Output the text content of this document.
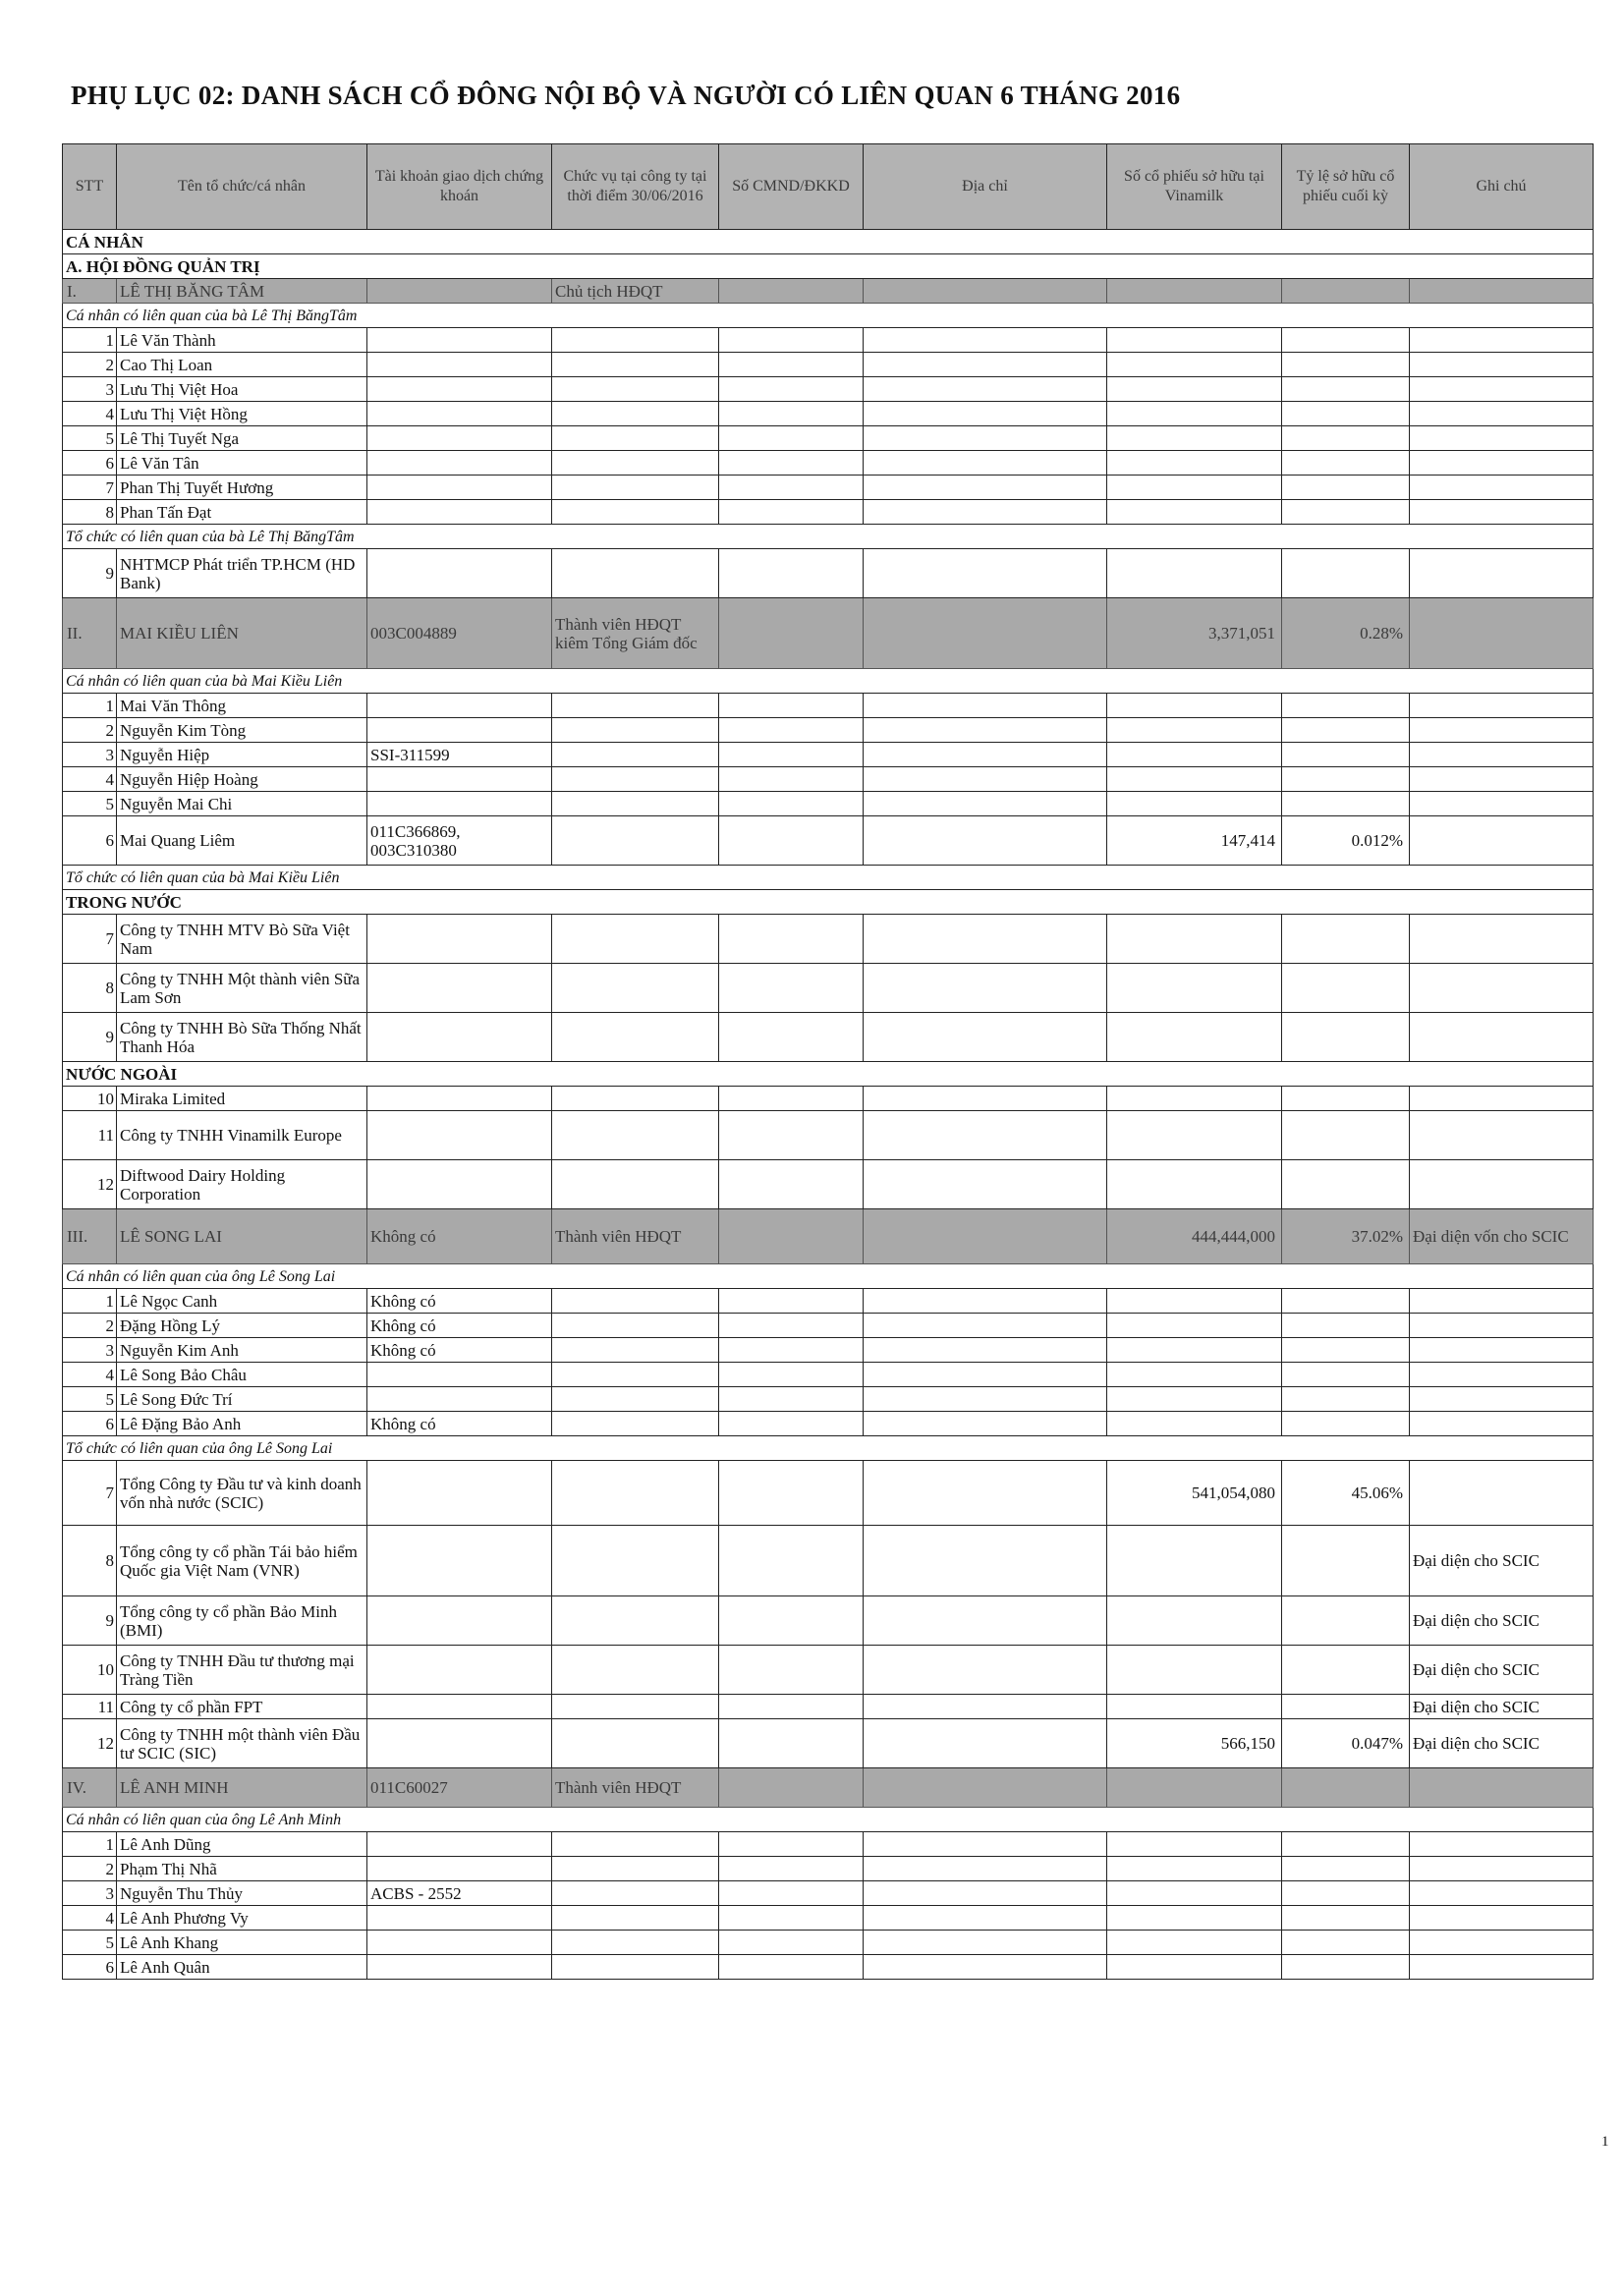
PHỤ LỤC 02: DANH SÁCH CỔ ĐÔNG NỘI BỘ VÀ NGƯỜI CÓ LIÊN QUAN 6 THÁNG 2016
STT	Tên tổ chức/cá nhân	Tài khoản giao dịch chứng khoán	Chức vụ tại công ty tại thời điểm 30/06/2016	Số CMND/ĐKKD	Địa chỉ	Số cổ phiếu sở hữu tại Vinamilk	Tỷ lệ sở hữu cổ phiếu cuối kỳ	Ghi chú
CÁ NHÂN								
A. HỘI ĐỒNG QUẢN TRỊ								
I.	LÊ THỊ BĂNG TÂM		Chủ tịch HĐQT					
Cá nhân có liên quan của bà Lê Thị BăngTâm								
1	Lê Văn Thành							
2	Cao Thị Loan							
3	Lưu Thị Việt Hoa							
4	Lưu Thị Việt Hồng							
5	Lê Thị Tuyết Nga							
6	Lê Văn Tân							
7	Phan Thị Tuyết Hương							
8	Phan Tấn Đạt							
Tổ chức có liên quan của bà Lê Thị BăngTâm								
9	NHTMCP Phát triển TP.HCM (HD Bank)							
II.	MAI KIỀU LIÊN	003C004889	Thành viên HĐQT kiêm Tổng Giám đốc			3,371,051	0.28%	
Cá nhân có liên quan của bà Mai Kiều Liên								
1	Mai Văn Thông							
2	Nguyễn Kim Tòng							
3	Nguyễn Hiệp	SSI-311599						
4	Nguyễn Hiệp Hoàng							
5	Nguyễn Mai Chi							
6	Mai Quang Liêm	011C366869, 003C310380				147,414	0.012%	
Tổ chức có liên quan của bà Mai Kiều Liên								
TRONG NƯỚC								
7	Công ty TNHH MTV Bò Sữa Việt Nam							
8	Công ty TNHH Một thành viên Sữa Lam Sơn							
9	Công ty TNHH Bò Sữa Thống Nhất Thanh Hóa							
NƯỚC NGOÀI								
10	Miraka Limited							
11	Công ty TNHH Vinamilk Europe							
12	Diftwood Dairy Holding Corporation							
III.	LÊ SONG LAI	Không có	Thành viên HĐQT			444,444,000	37.02%	Đại diện vốn cho SCIC
Cá nhân có liên quan của ông Lê Song Lai								
1	Lê Ngọc Canh	Không có						
2	Đặng Hồng Lý	Không có						
3	Nguyễn Kim Anh	Không có						
4	Lê Song Bảo Châu							
5	Lê Song Đức Trí							
6	Lê Đặng Bảo Anh	Không có						
Tổ chức có liên quan của ông Lê Song Lai								
7	Tổng Công ty Đầu tư và kinh doanh vốn nhà nước (SCIC)					541,054,080	45.06%	
8	Tổng công ty cổ phần Tái bảo hiểm Quốc gia Việt Nam (VNR)							Đại diện cho SCIC
9	Tổng công ty cổ phần Bảo Minh (BMI)							Đại diện cho SCIC
10	Công ty TNHH Đầu tư thương mại Tràng Tiền							Đại diện cho SCIC
11	Công ty cổ phần FPT							Đại diện cho SCIC
12	Công ty TNHH một thành viên Đầu tư SCIC (SIC)					566,150	0.047%	Đại diện cho SCIC
IV.	LÊ ANH MINH	011C60027	Thành viên HĐQT					
Cá nhân có liên quan của ông Lê Anh Minh								
1	Lê Anh Dũng							
2	Phạm Thị Nhã							
3	Nguyễn Thu Thủy	ACBS - 2552						
4	Lê Anh Phương Vy							
5	Lê Anh Khang							
6	Lê Anh Quân							
1
